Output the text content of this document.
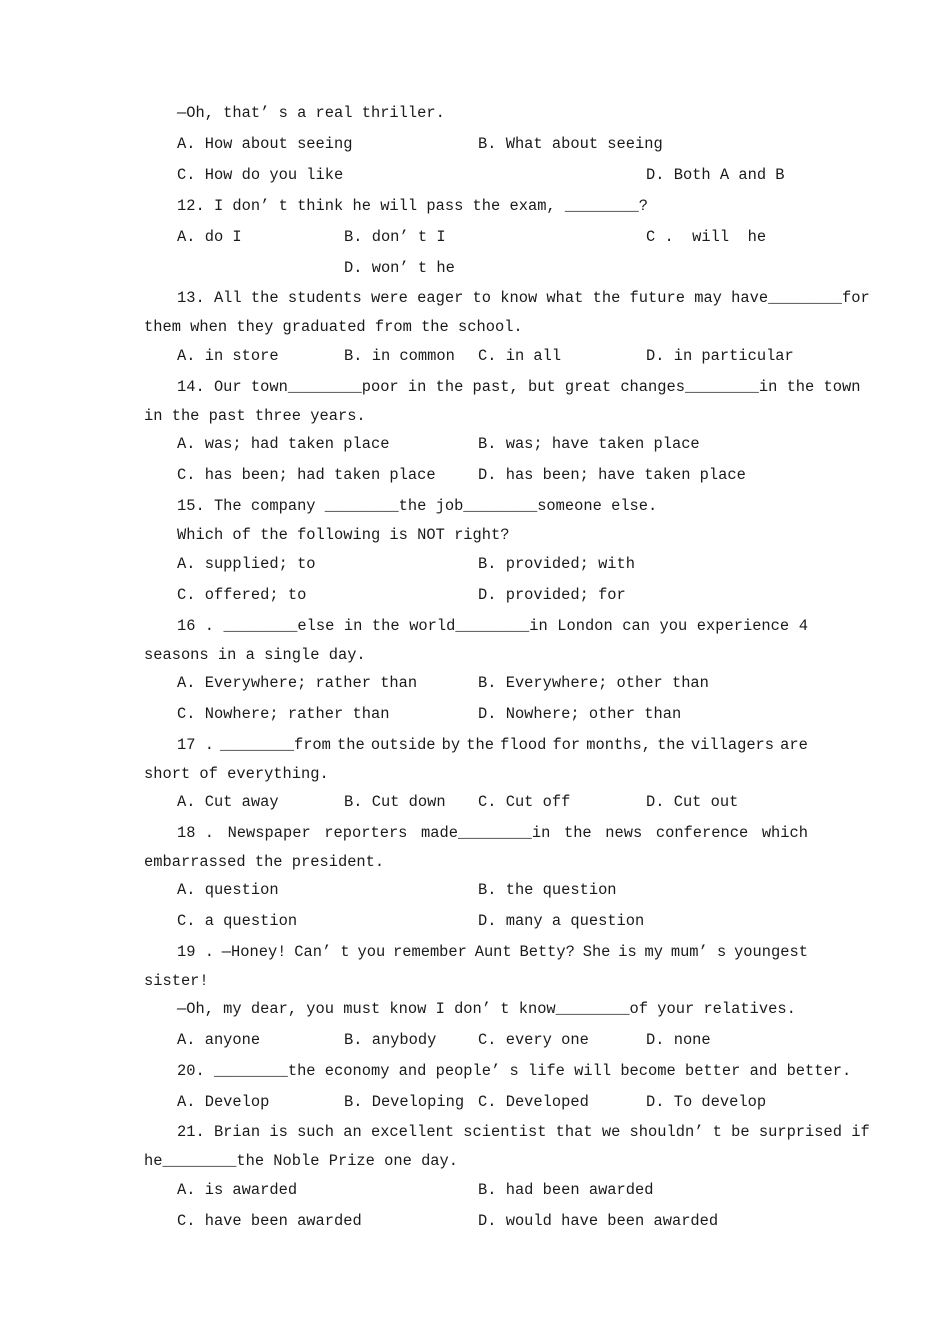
—Oh, that’ s a real thriller.
A. How about seeing	B. What about seeing
C. How do you like	D. Both A and B
12. I don’ t think he will pass the exam, ________?
A. do I	B. don’ t I	C .  will  he
D. won’ t he
13. All the students were eager to know what the future may have________for
them when they graduated from the school.
A. in store	B. in common C. in all	D. in particular
14. Our town________poor in the past, but great changes________in the town
in the past three years.
A. was; had taken place	B. was; have taken place
C. has been; had taken place	D. has been; have taken place
15. The company ________the job________someone else.
Which of the following is NOT right?
A. supplied; to	B. provided; with
C. offered; to	D. provided; for
16 . ________else in the world________in London can you experience 4
seasons in a single day.
A. Everywhere; rather than	B. Everywhere; other than
C. Nowhere; rather than	D. Nowhere; other than
17 . ________from the outside by the flood for months, the villagers are
short of everything.
A. Cut away	B. Cut down C. Cut off	D. Cut out
18 . Newspaper reporters made________in the news conference which
embarrassed the president.
A. question	B. the question
C. a question	D. many a question
19 . —Honey! Can’ t you remember Aunt Betty? She is my mum’ s youngest
sister!
—Oh, my dear, you must know I don’ t know________of your relatives.
A. anyone	B. anybody	C. every one	D. none
20. ________the economy and people’ s life will become better and better.
A. Develop	B. Developing C. Developed	D. To develop
21. Brian is such an excellent scientist that we shouldn’ t be surprised if
he________the Noble Prize one day.
A. is awarded	B. had been awarded
C. have been awarded	D. would have been awarded
